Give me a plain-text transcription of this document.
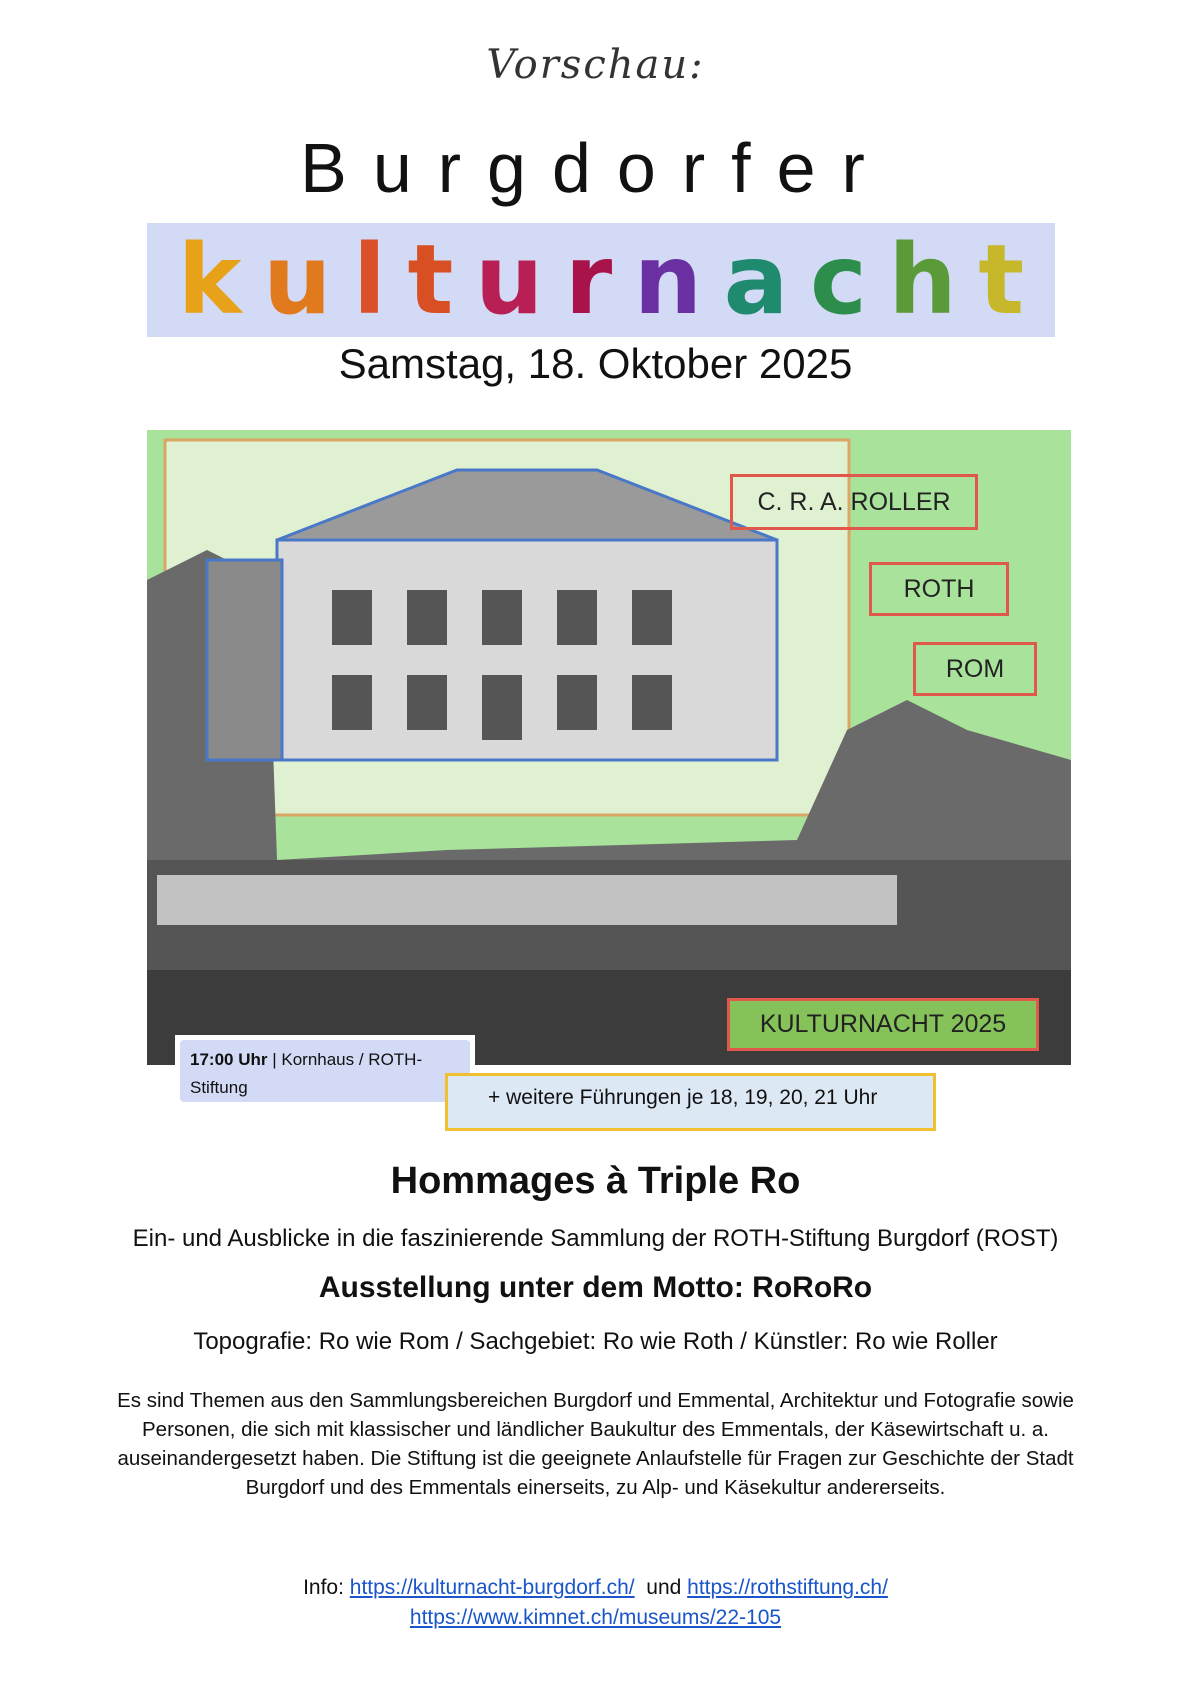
Vorschau:
Burgdorfer
k u l t u r n a c h t
Samstag, 18. Oktober 2025
C. R. A. ROLLER
ROTH
ROM
KULTURNACHT 2025
17:00 Uhr | Kornhaus / ROTH-Stiftung	+ weitere Führungen je 18, 19, 20, 21 Uhr
Hommages à Triple Ro
Ein- und Ausblicke in die faszinierende Sammlung der ROTH-Stiftung Burgdorf (ROST)
Ausstellung unter dem Motto: RoRoRo
Topografie: Ro wie Rom / Sachgebiet: Ro wie Roth / Künstler: Ro wie Roller
Es sind Themen aus den Sammlungsbereichen Burgdorf und Emmental, Architektur und Fotografie sowie Personen, die sich mit klassischer und ländlicher Baukultur des Emmentals, der Käsewirtschaft u. a. auseinandergesetzt haben. Die Stiftung ist die geeignete Anlaufstelle für Fragen zur Geschichte der Stadt Burgdorf und des Emmentals einerseits, zu Alp- und Käsekultur andererseits.
Info: https://kulturnacht-burgdorf.ch/  und https://rothstiftung.ch/
https://www.kimnet.ch/museums/22-105
